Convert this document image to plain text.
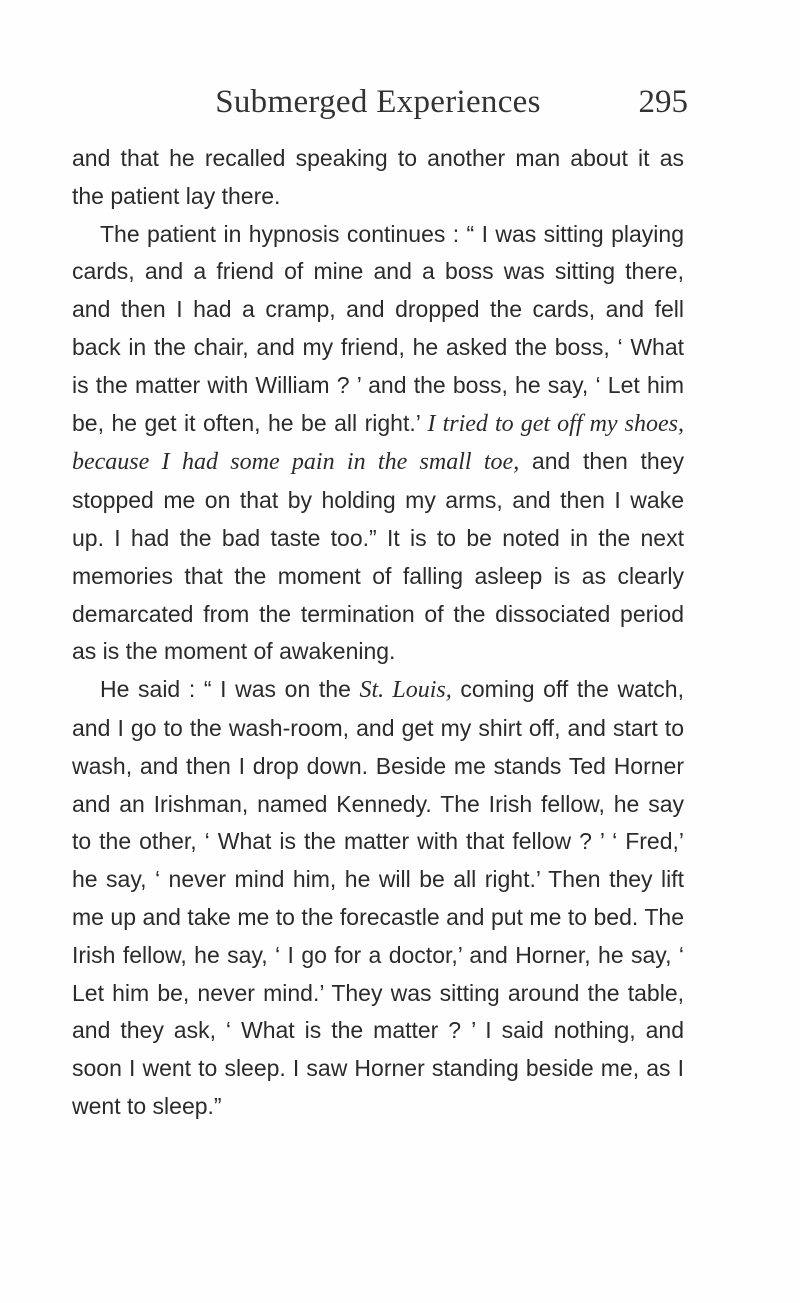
Submerged Experiences	295

and that he recalled speaking to another man about it as the patient lay there.

The patient in hypnosis continues : “ I was sitting playing cards, and a friend of mine and a boss was sitting there, and then I had a cramp, and dropped the cards, and fell back in the chair, and my friend, he asked the boss, ‘ What is the matter with William ? ’ and the boss, he say, ‘ Let him be, he get it often, he be all right.’ I tried to get off my shoes, because I had some pain in the small toe, and then they stopped me on that by holding my arms, and then I wake up. I had the bad taste too.” It is to be noted in the next memories that the moment of falling asleep is as clearly demarcated from the termination of the dissociated period as is the moment of awakening.

He said : “ I was on the St. Louis, coming off the watch, and I go to the wash-room, and get my shirt off, and start to wash, and then I drop down. Beside me stands Ted Horner and an Irishman, named Kennedy. The Irish fellow, he say to the other, ‘ What is the matter with that fellow ? ’ ‘ Fred,’ he say, ‘ never mind him, he will be all right.’ Then they lift me up and take me to the forecastle and put me to bed. The Irish fellow, he say, ‘ I go for a doctor,’ and Horner, he say, ‘ Let him be, never mind.’ They was sitting around the table, and they ask, ‘ What is the matter ? ’ I said nothing, and soon I went to sleep. I saw Horner standing beside me, as I went to sleep.”
